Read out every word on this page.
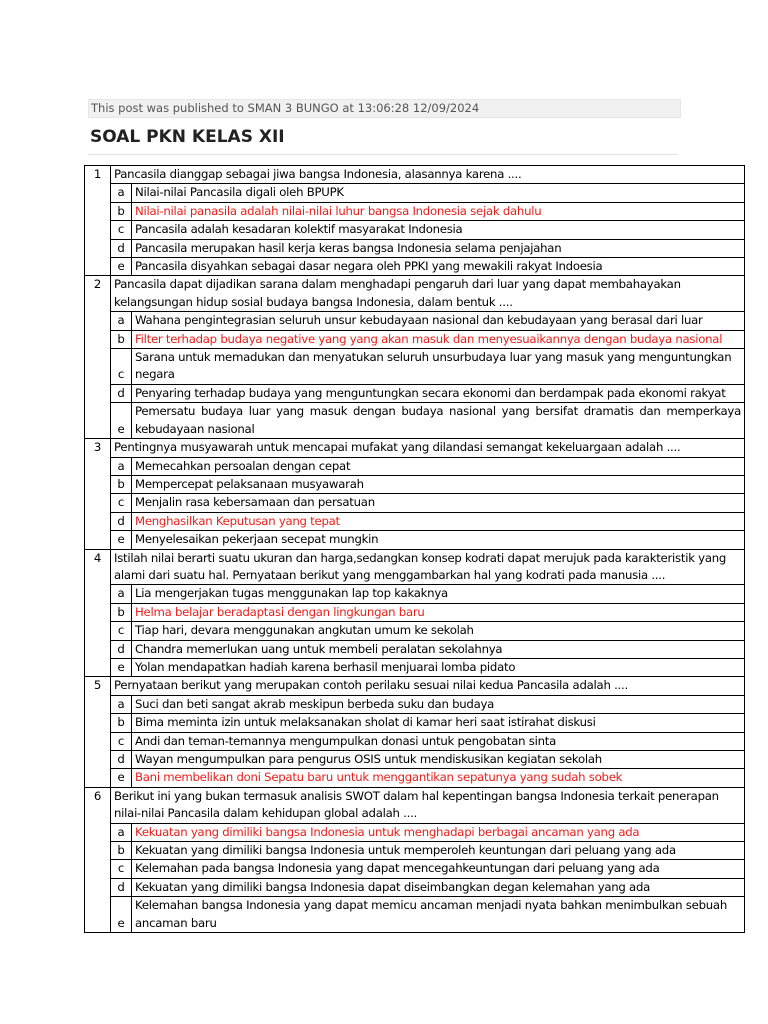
This post was published to SMAN 3 BUNGO at 13:06:28 12/09/2024
SOAL PKN KELAS XII
1	Pancasila dianggap sebagai jiwa bangsa Indonesia, alasannya karena ....	
	a	Nilai-nilai Pancasila digali oleh BPUPK
	b	Nilai-nilai panasila adalah nilai-nilai luhur bangsa Indonesia sejak dahulu
	c	Pancasila adalah kesadaran kolektif masyarakat Indonesia
	d	Pancasila merupakan hasil kerja keras bangsa Indonesia selama penjajahan
	e	Pancasila disyahkan sebagai dasar negara oleh PPKI yang mewakili rakyat Indoesia
2	Pancasila dapat dijadikan sarana dalam menghadapi pengaruh dari luar yang dapat membahayakan kelangsungan hidup sosial budaya bangsa Indonesia, dalam bentuk ....	
	a	Wahana pengintegrasian seluruh unsur kebudayaan nasional dan kebudayaan yang berasal dari luar
	b	Filter terhadap budaya negative yang yang akan masuk dan menyesuaikannya dengan budaya nasional
	c	Sarana untuk memadukan dan menyatukan seluruh unsurbudaya luar yang masuk yang menguntungkan negara
	d	Penyaring terhadap budaya yang menguntungkan secara ekonomi dan berdampak pada ekonomi rakyat
	e	Pemersatu budaya luar yang masuk dengan budaya nasional yang bersifat dramatis dan memperkaya kebudayaan nasional
3	Pentingnya musyawarah untuk mencapai mufakat yang dilandasi semangat kekeluargaan adalah ....	
	a	Memecahkan persoalan dengan cepat
	b	Mempercepat pelaksanaan musyawarah
	c	Menjalin rasa kebersamaan dan persatuan
	d	Menghasilkan Keputusan yang tepat
	e	Menyelesaikan pekerjaan secepat mungkin
4	Istilah nilai berarti suatu ukuran dan harga,sedangkan konsep kodrati dapat merujuk pada karakteristik yang alami dari suatu hal. Pernyataan berikut yang menggambarkan hal yang kodrati pada manusia ....	
	a	Lia mengerjakan tugas menggunakan lap top kakaknya
	b	Helma belajar beradaptasi dengan lingkungan baru
	c	Tiap hari, devara menggunakan angkutan umum ke sekolah
	d	Chandra memerlukan uang untuk membeli peralatan sekolahnya
	e	Yolan mendapatkan hadiah karena berhasil menjuarai lomba pidato
5	Pernyataan berikut yang merupakan contoh perilaku sesuai nilai kedua Pancasila adalah ....	
	a	Suci dan beti sangat akrab meskipun berbeda suku dan budaya
	b	Bima meminta izin untuk melaksanakan sholat di kamar heri saat istirahat diskusi
	c	Andi dan teman-temannya mengumpulkan donasi untuk pengobatan sinta
	d	Wayan mengumpulkan para pengurus OSIS untuk mendiskusikan kegiatan sekolah
	e	Bani membelikan doni Sepatu baru untuk menggantikan sepatunya yang sudah sobek
6	Berikut ini yang bukan termasuk analisis SWOT dalam hal kepentingan bangsa Indonesia terkait penerapan nilai-nilai Pancasila dalam kehidupan global adalah ....	
	a	Kekuatan yang dimiliki bangsa Indonesia untuk menghadapi berbagai ancaman yang ada
	b	Kekuatan yang dimiliki bangsa Indonesia untuk memperoleh keuntungan dari peluang yang ada
	c	Kelemahan pada bangsa Indonesia yang dapat mencegahkeuntungan dari peluang yang ada
	d	Kekuatan yang dimiliki bangsa Indonesia dapat diseimbangkan degan kelemahan yang ada
	e	Kelemahan bangsa Indonesia yang dapat memicu ancaman menjadi nyata bahkan menimbulkan sebuah ancaman baru
